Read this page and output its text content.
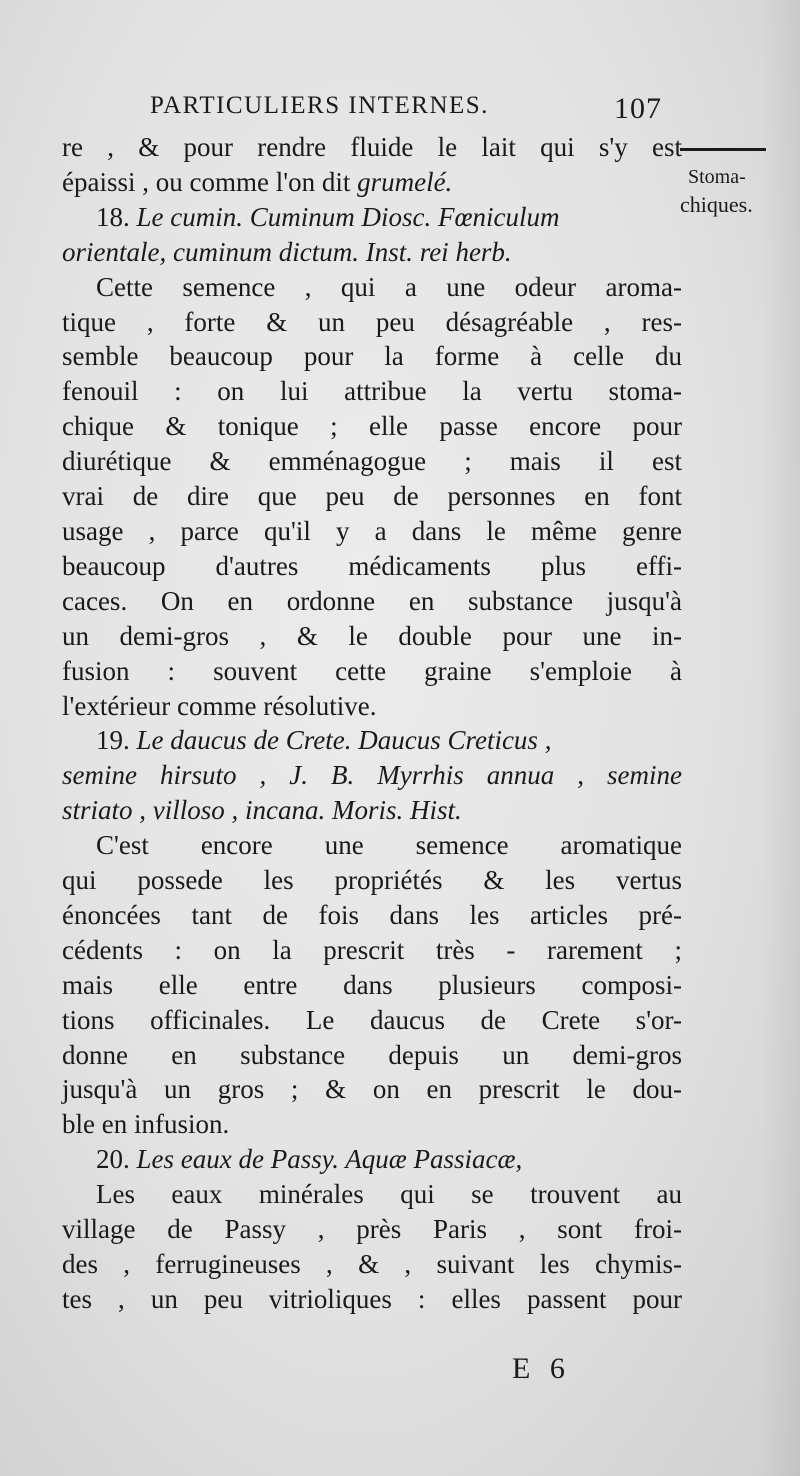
PARTICULIERS INTERNES.	107
Stoma-
chiques.
re , & pour rendre fluide le lait qui s'y est
épaissi , ou comme l'on dit grumelé.
18. Le cumin. Cuminum Diosc. Fœniculum
orientale, cuminum dictum. Inst. rei herb.
Cette semence , qui a une odeur aroma-
tique , forte & un peu désagréable , res-
semble beaucoup pour la forme à celle du
fenouil : on lui attribue la vertu stoma-
chique & tonique ; elle passe encore pour
diurétique & emménagogue ; mais il est
vrai de dire que peu de personnes en font
usage , parce qu'il y a dans le même genre
beaucoup d'autres médicaments plus effi-
caces. On en ordonne en substance jusqu'à
un demi-gros , & le double pour une in-
fusion : souvent cette graine s'emploie à
l'extérieur comme résolutive.
19. Le daucus de Crete. Daucus Creticus ,
semine hirsuto , J. B. Myrrhis annua , semine
striato , villoso , incana. Moris. Hist.
C'est encore une semence aromatique
qui possede les propriétés & les vertus
énoncées tant de fois dans les articles pré-
cédents : on la prescrit très - rarement ;
mais elle entre dans plusieurs composi-
tions officinales. Le daucus de Crete s'or-
donne en substance depuis un demi-gros
jusqu'à un gros ; & on en prescrit le dou-
ble en infusion.
20. Les eaux de Passy. Aquæ Passiacæ,
Les eaux minérales qui se trouvent au
village de Passy , près Paris , sont froi-
des , ferrugineuses , & , suivant les chymis-
tes , un peu vitrioliques : elles passent pour
E 6
